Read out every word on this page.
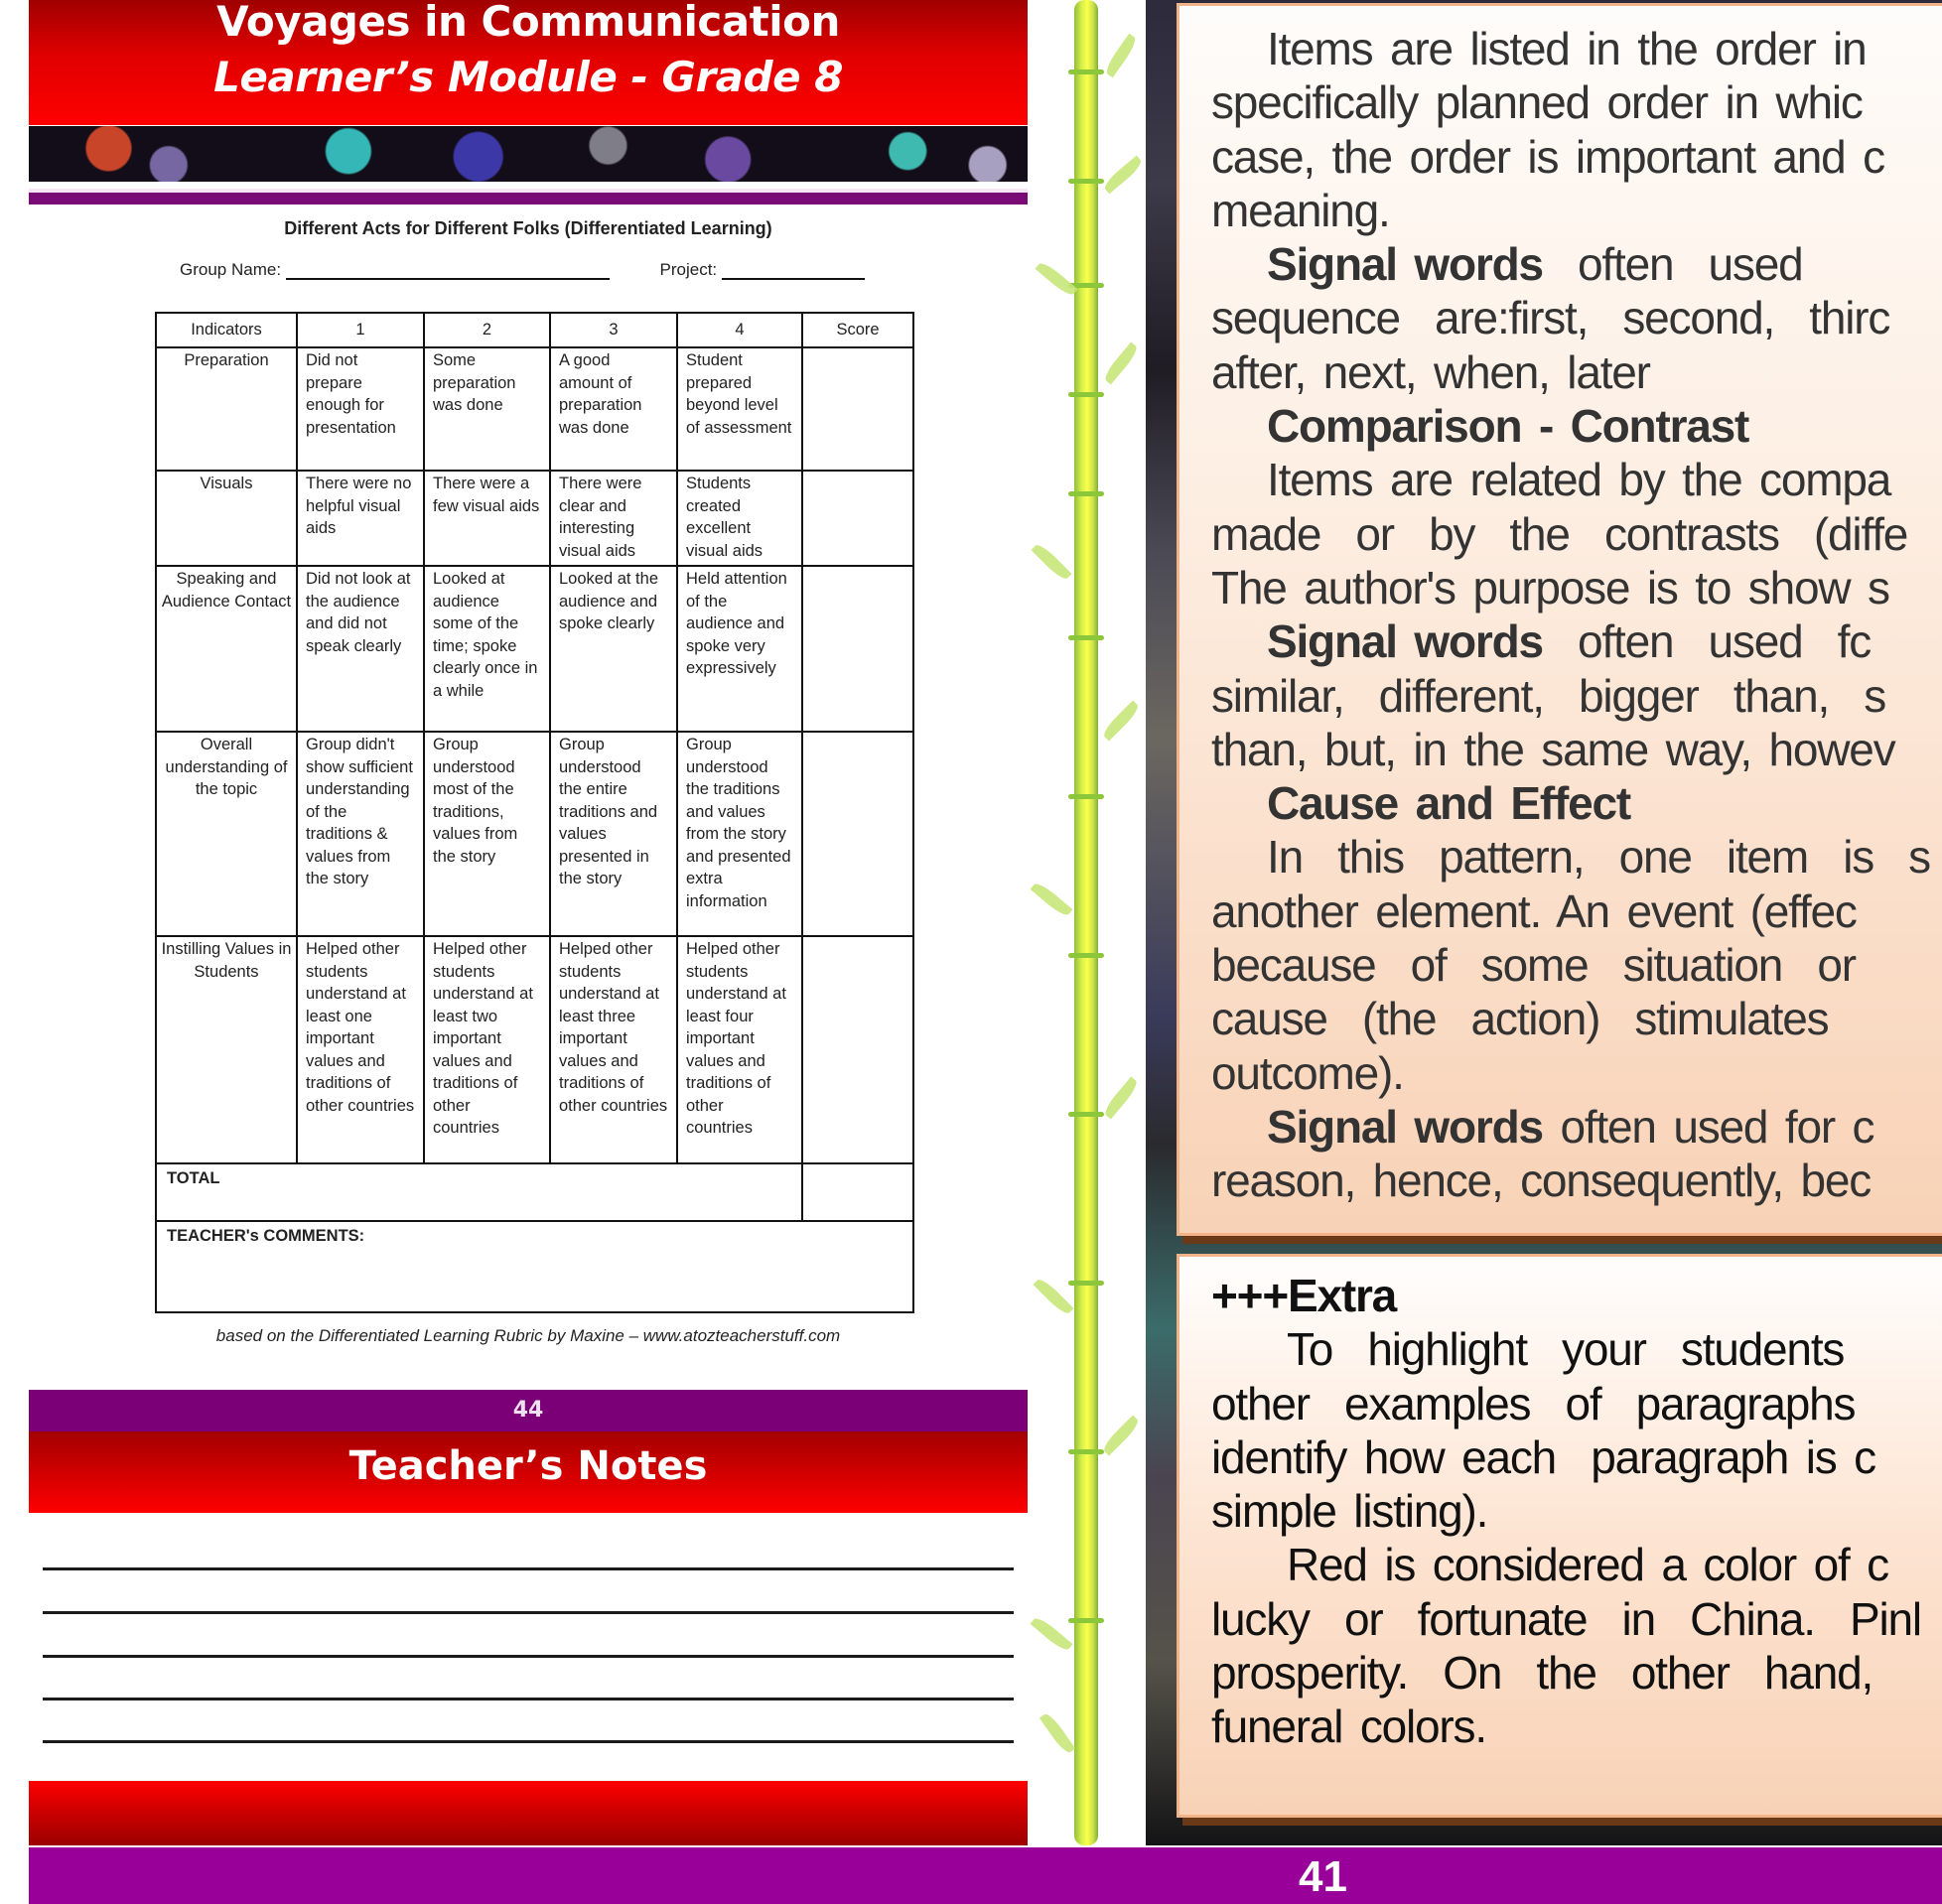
Voyages in Communication
Learner’s Module - Grade 8
Different Acts for Different Folks (Differentiated Learning)
Group Name:	Project:
Indicators	1	2	3	4	Score
Preparation	Did not prepare enough for presentation	Some preparation was done	A good amount of preparation was done	Student prepared beyond level of assessment	
Visuals	There were no helpful visual aids	There were a few visual aids	There were clear and interesting visual aids	Students created excellent visual aids	
Speaking and Audience Contact	Did not look at the audience and did not speak clearly	Looked at audience some of the time; spoke clearly once in a while	Looked at the audience and spoke clearly	Held attention of the audience and spoke very expressively	
Overall understanding of the topic	Group didn't show sufficient understanding of the traditions & values from the story	Group understood most of the traditions, values from the story	Group understood the entire traditions and values presented in the story	Group understood the traditions and values from the story and presented extra information	
Instilling Values in Students	Helped other students understand at least one important values and traditions of other countries	Helped other students understand at least two important values and traditions of other countries	Helped other students understand at least three important values and traditions of other countries	Helped other students understand at least four important values and traditions of other countries	
TOTAL					
TEACHER's COMMENTS:					
based on the Differentiated Learning Rubric by Maxine – www.atozteacherstuff.com
44
Teacher’s Notes
Items are listed in the order in
specifically planned order in whic
case, the order is important and c
meaning.
Signal words  often  used
sequence  are:first,  second,  thirc
after, next, when, later
Comparison - Contrast
Items are related by the compa
made  or  by  the  contrasts  (diffe
The author's purpose is to show s
Signal words  often  used  fc
similar,  different,  bigger  than,  s
than, but, in the same way, howev
Cause and Effect
In  this  pattern,  one  item  is  s
another element. An event (effec
because  of  some  situation  or
cause  (the  action)  stimulates
outcome).
Signal words often used for c
reason, hence, consequently, bec
+++Extra
To  highlight  your  students
other  examples  of  paragraphs
identify how each  paragraph is c
simple listing).
Red is considered a color of c
lucky  or  fortunate  in  China.  Pinl
prosperity.  On  the  other  hand,
funeral colors.
41
